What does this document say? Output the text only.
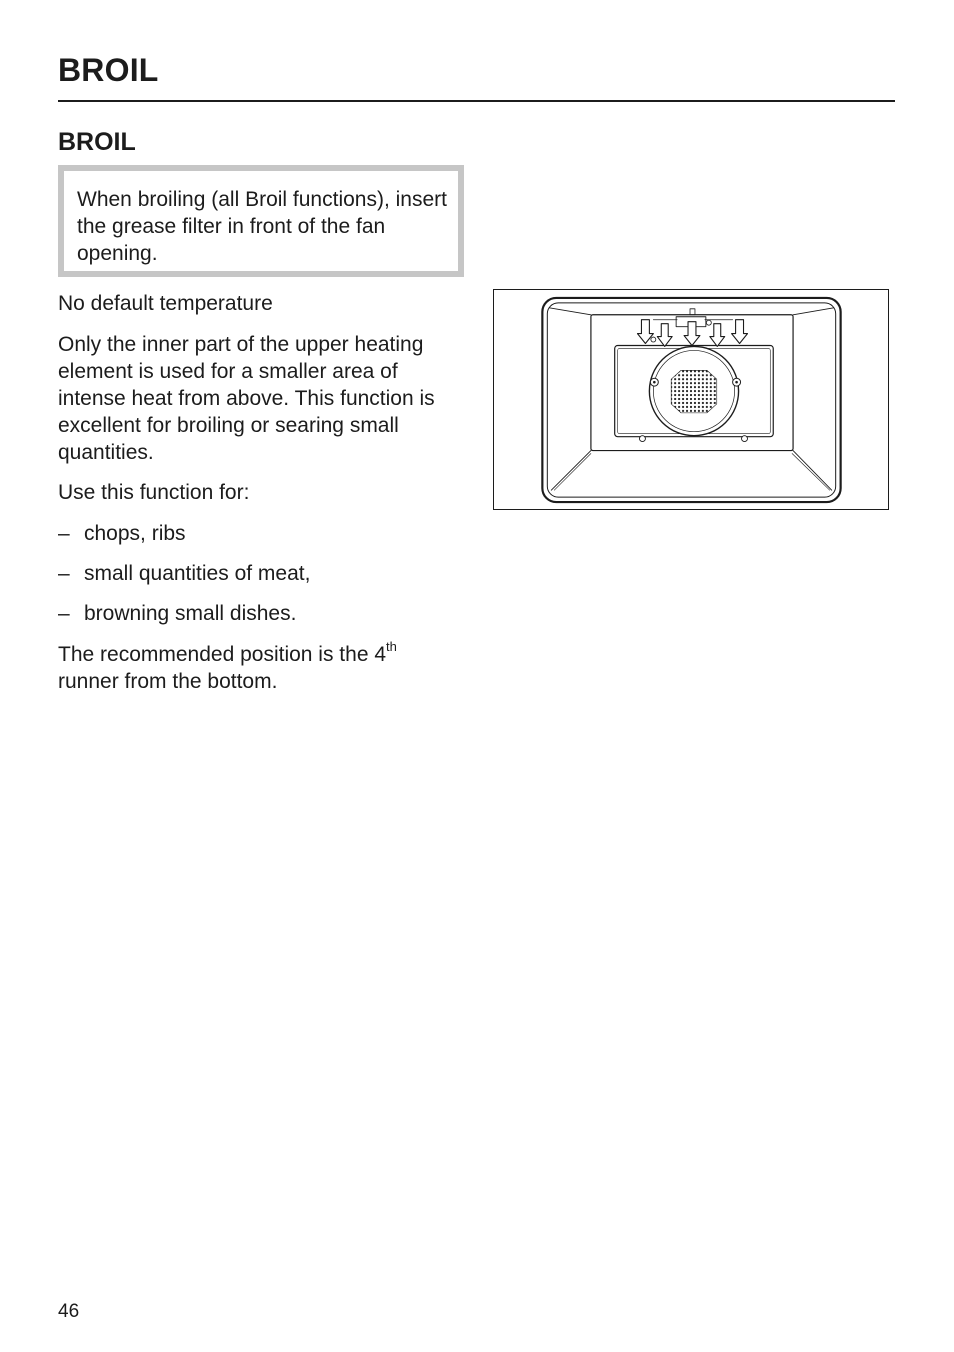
BROIL
BROIL

When broiling (all Broil functions), insert the grease filter in front of the fan opening.

No default temperature

Only the inner part of the upper heating element is used for a smaller area of intense heat from above. This function is excellent for broiling or searing small quantities.

Use this function for:

– chops, ribs

– small quantities of meat,

– browning small dishes.

The recommended position is the 4th
runner from the bottom.

46
